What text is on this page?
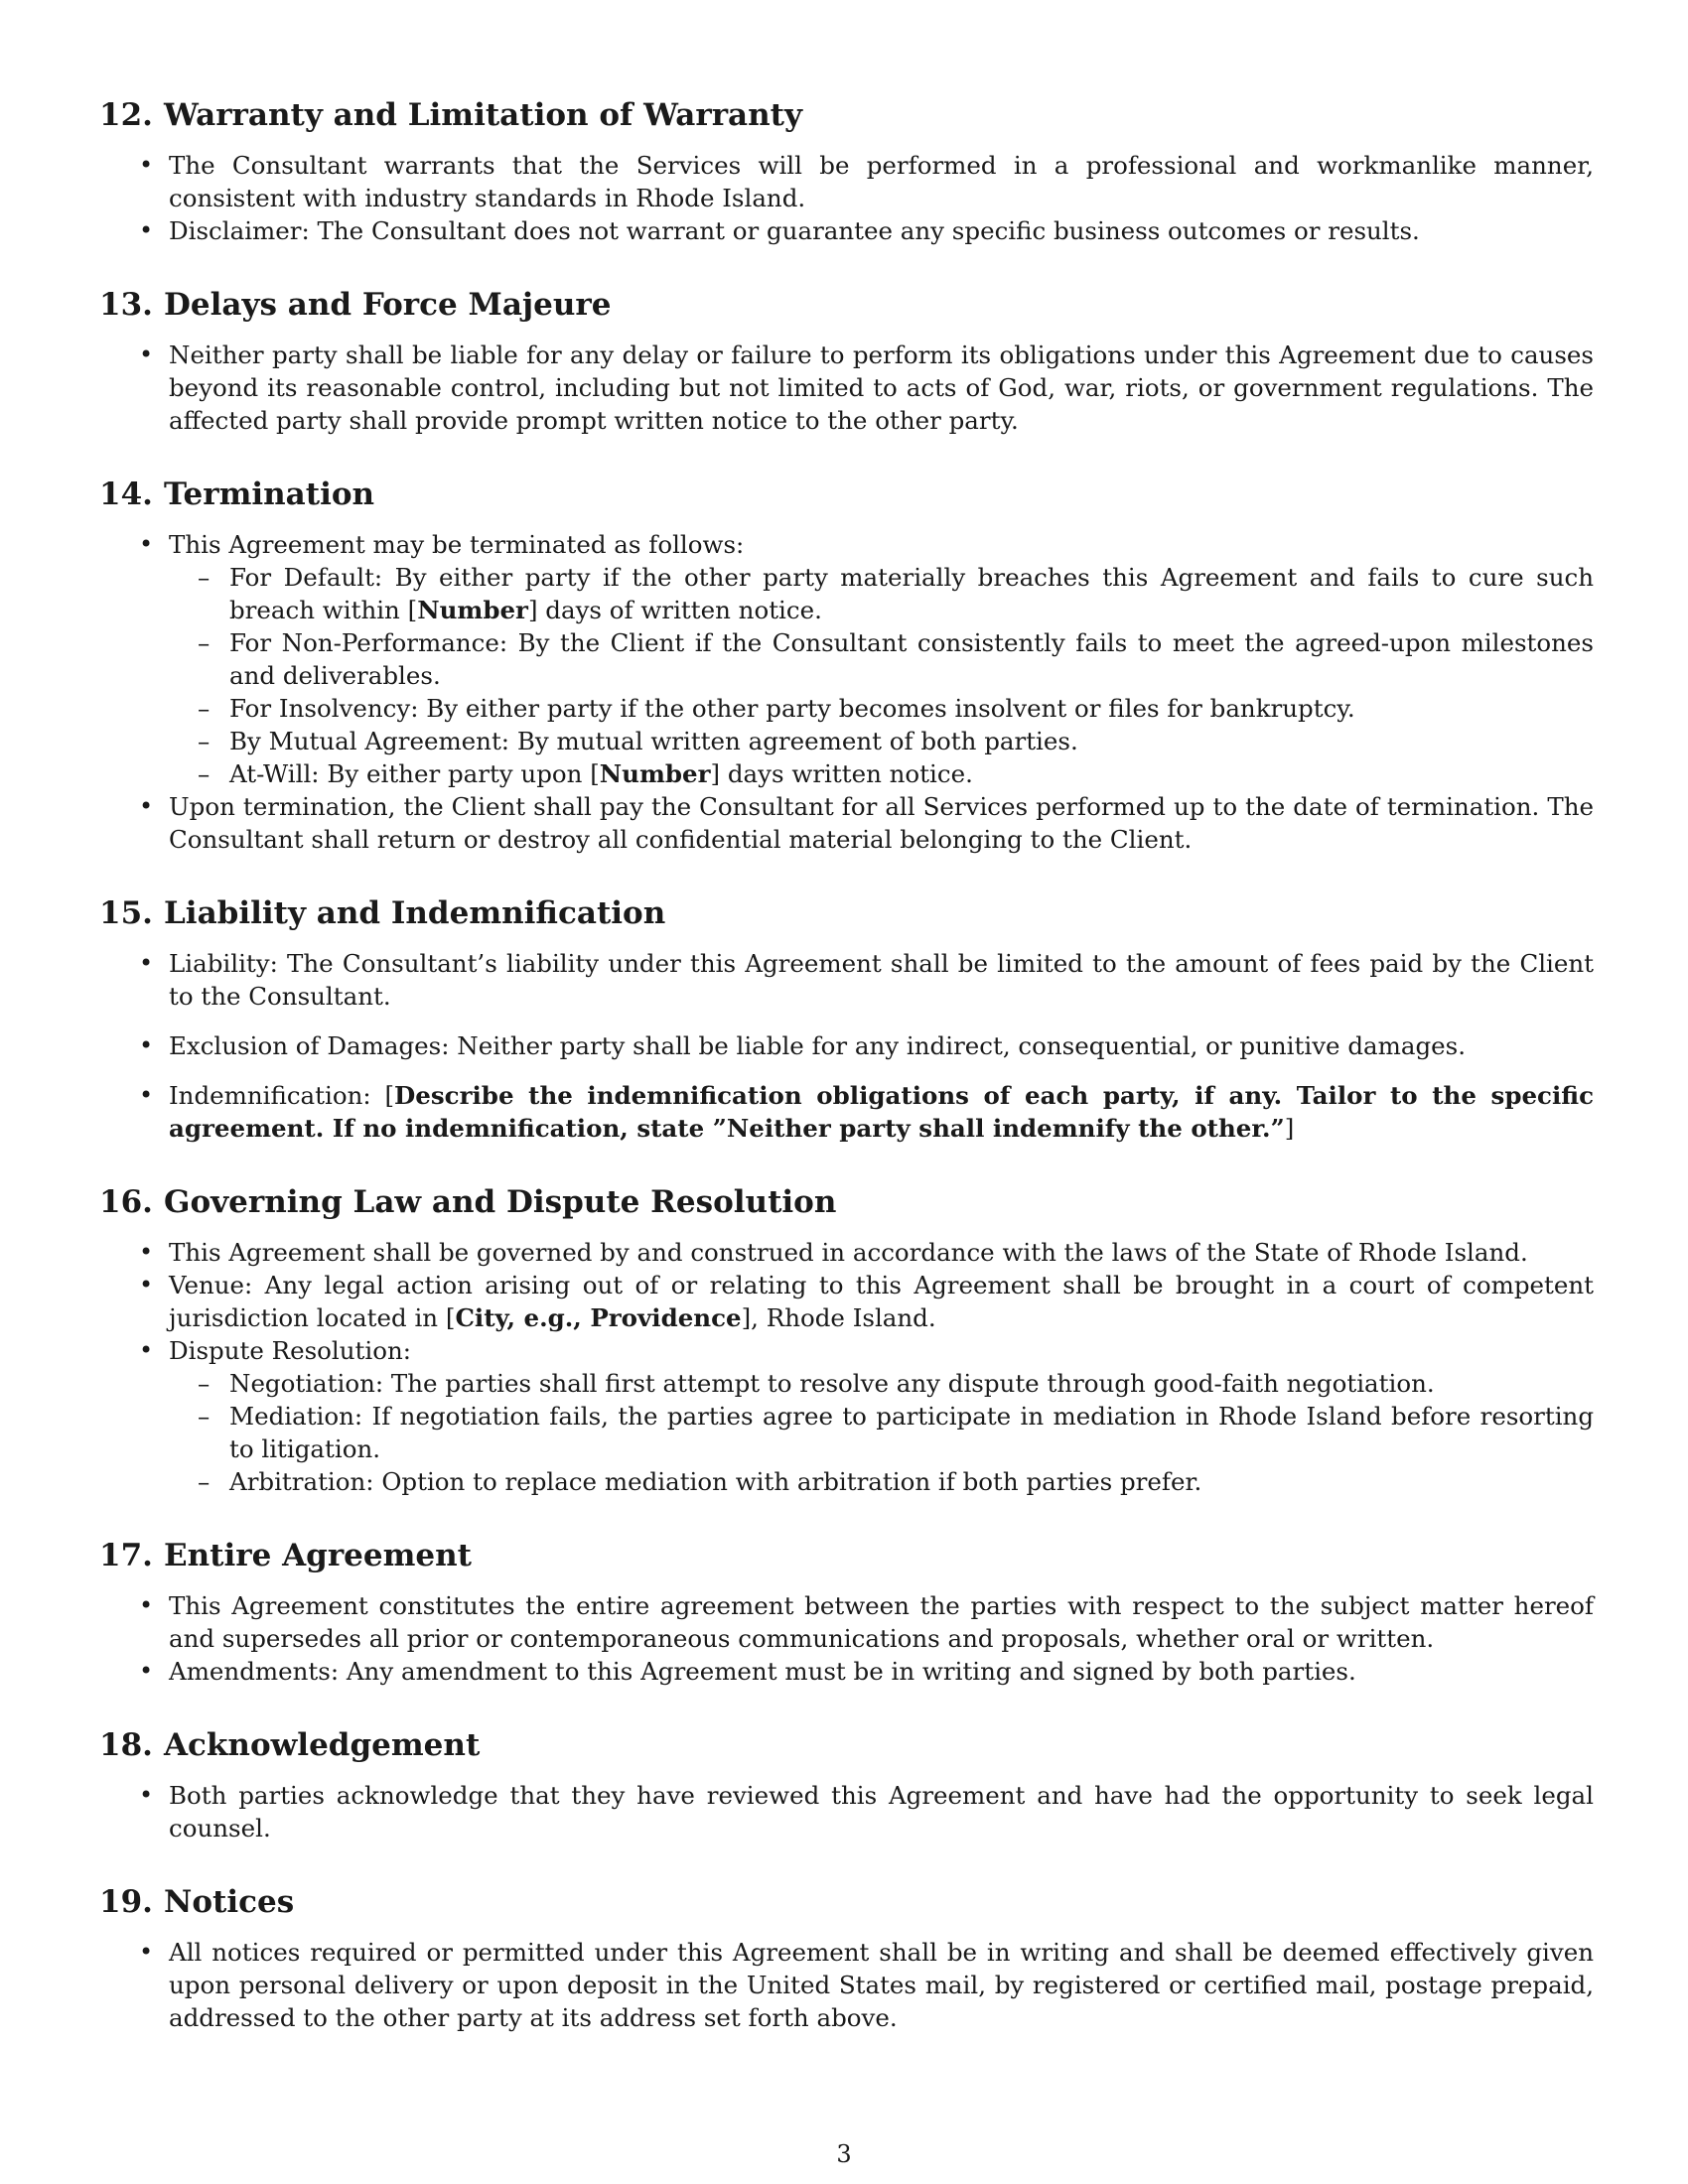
12. Warranty and Limitation of Warranty
• The Consultant warrants that the Services will be performed in a professional and workmanlike manner, consistent with industry standards in Rhode Island.
• Disclaimer: The Consultant does not warrant or guarantee any specific business outcomes or results.
13. Delays and Force Majeure
• Neither party shall be liable for any delay or failure to perform its obligations under this Agreement due to causes beyond its reasonable control, including but not limited to acts of God, war, riots, or government regulations. The affected party shall provide prompt written notice to the other party.
14. Termination
• This Agreement may be terminated as follows:
– For Default: By either party if the other party materially breaches this Agreement and fails to cure such breach within [Number] days of written notice.
– For Non-Performance: By the Client if the Consultant consistently fails to meet the agreed-upon milestones and deliverables.
– For Insolvency: By either party if the other party becomes insolvent or files for bankruptcy.
– By Mutual Agreement: By mutual written agreement of both parties.
– At-Will: By either party upon [Number] days written notice.
• Upon termination, the Client shall pay the Consultant for all Services performed up to the date of termination. The Consultant shall return or destroy all confidential material belonging to the Client.
15. Liability and Indemnification
• Liability: The Consultant’s liability under this Agreement shall be limited to the amount of fees paid by the Client to the Consultant.
• Exclusion of Damages: Neither party shall be liable for any indirect, consequential, or punitive damages.
• Indemnification: [Describe the indemnification obligations of each party, if any. Tailor to the specific agreement. If no indemnification, state ”Neither party shall indemnify the other.”]
16. Governing Law and Dispute Resolution
• This Agreement shall be governed by and construed in accordance with the laws of the State of Rhode Island.
• Venue: Any legal action arising out of or relating to this Agreement shall be brought in a court of competent jurisdiction located in [City, e.g., Providence], Rhode Island.
• Dispute Resolution:
– Negotiation: The parties shall first attempt to resolve any dispute through good-faith negotiation.
– Mediation: If negotiation fails, the parties agree to participate in mediation in Rhode Island before resorting to litigation.
– Arbitration: Option to replace mediation with arbitration if both parties prefer.
17. Entire Agreement
• This Agreement constitutes the entire agreement between the parties with respect to the subject matter hereof and supersedes all prior or contemporaneous communications and proposals, whether oral or written.
• Amendments: Any amendment to this Agreement must be in writing and signed by both parties.
18. Acknowledgement
• Both parties acknowledge that they have reviewed this Agreement and have had the opportunity to seek legal counsel.
19. Notices
• All notices required or permitted under this Agreement shall be in writing and shall be deemed effectively given upon personal delivery or upon deposit in the United States mail, by registered or certified mail, postage prepaid, addressed to the other party at its address set forth above.
3
